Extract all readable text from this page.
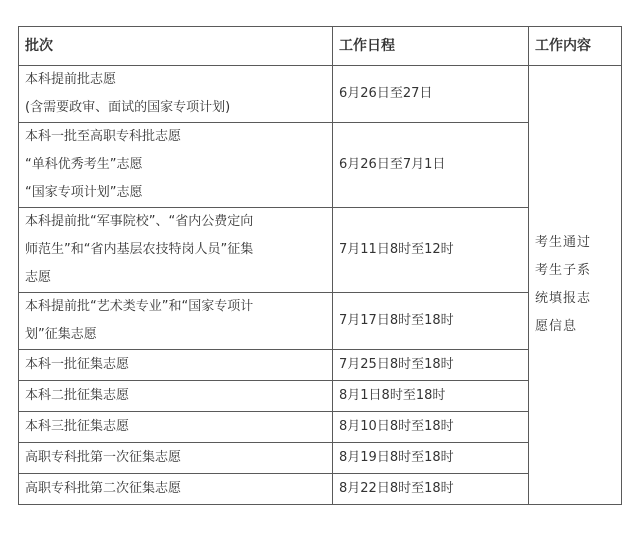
批次	工作日程	工作内容

本科提前批志愿
(含需要政审、面试的国家专项计划)	6月26日至27日	考生通过
考生子系
统填报志
愿信息

本科一批至高职专科批志愿
“单科优秀考生”志愿
“国家专项计划”志愿	6月26日至7月1日	

本科提前批“军事院校”、“省内公费定向
师范生”和“省内基层农技特岗人员”征集
志愿	7月11日8时至12时	

本科提前批“艺术类专业”和“国家专项计
划”征集志愿	7月17日8时至18时	
本科一批征集志愿	7月25日8时至18时	
本科二批征集志愿	8月1日8时至18时	
本科三批征集志愿	8月10日8时至18时	
高职专科批第一次征集志愿	8月19日8时至18时	
高职专科批第二次征集志愿	8月22日8时至18时	
